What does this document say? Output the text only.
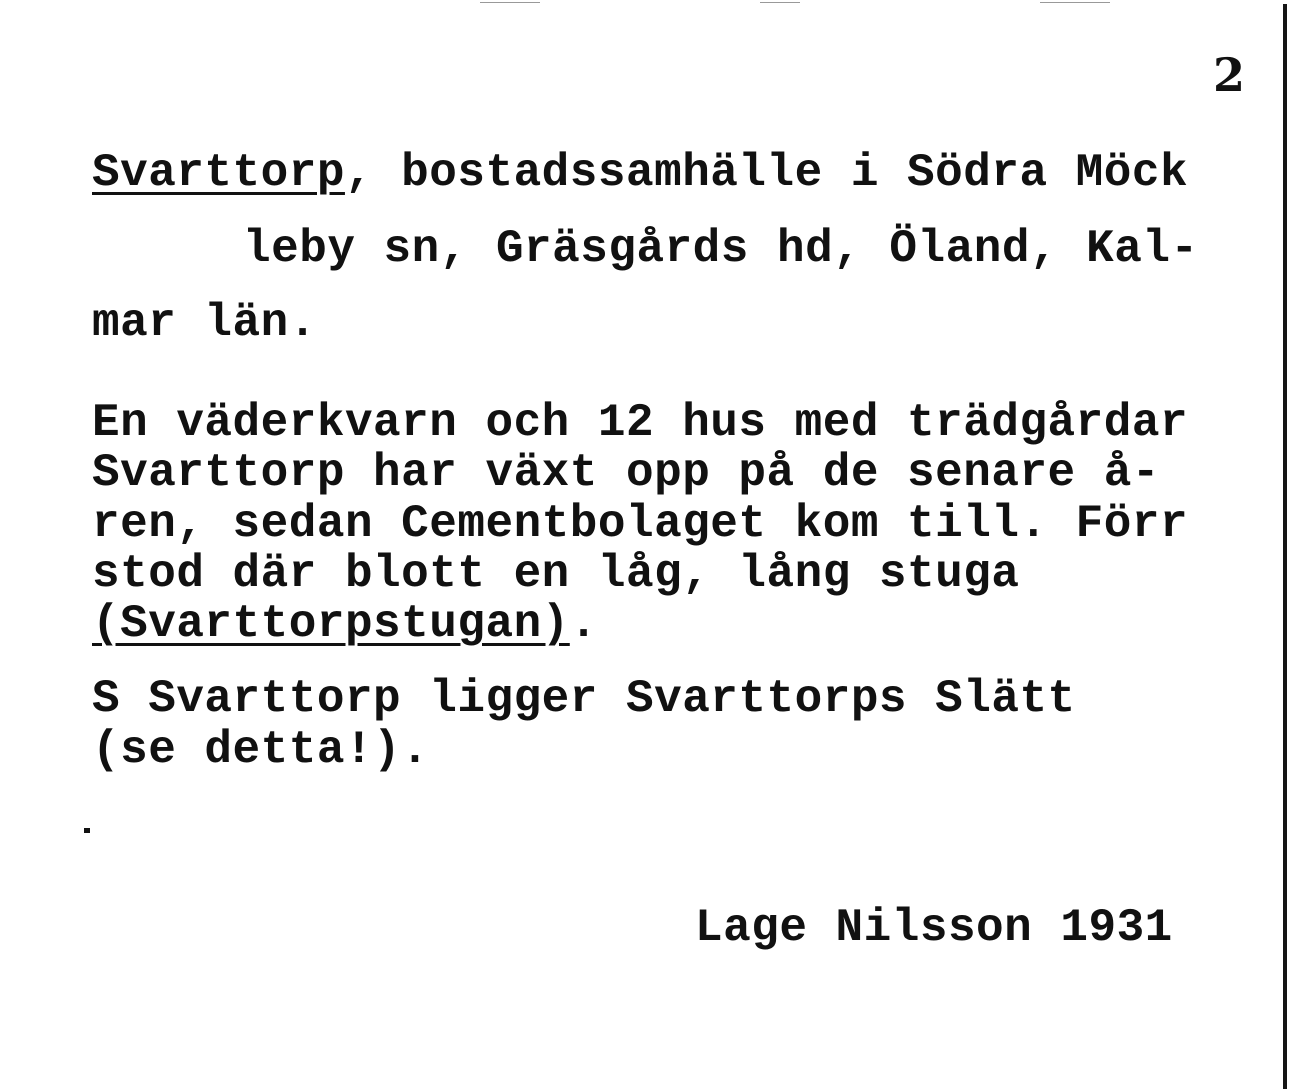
2
Svarttorp, bostadssamhälle i Södra Möck
leby sn, Gräsgårds hd, Öland, Kal-
mar län.
En väderkvarn och 12 hus med trädgårdar
Svarttorp har växt opp på de senare å-
ren, sedan Cementbolaget kom till. Förr
stod där blott en låg, lång stuga
(Svarttorpstugan).
S Svarttorp ligger Svarttorps Slätt
(se detta!).
Lage Nilsson 1931
